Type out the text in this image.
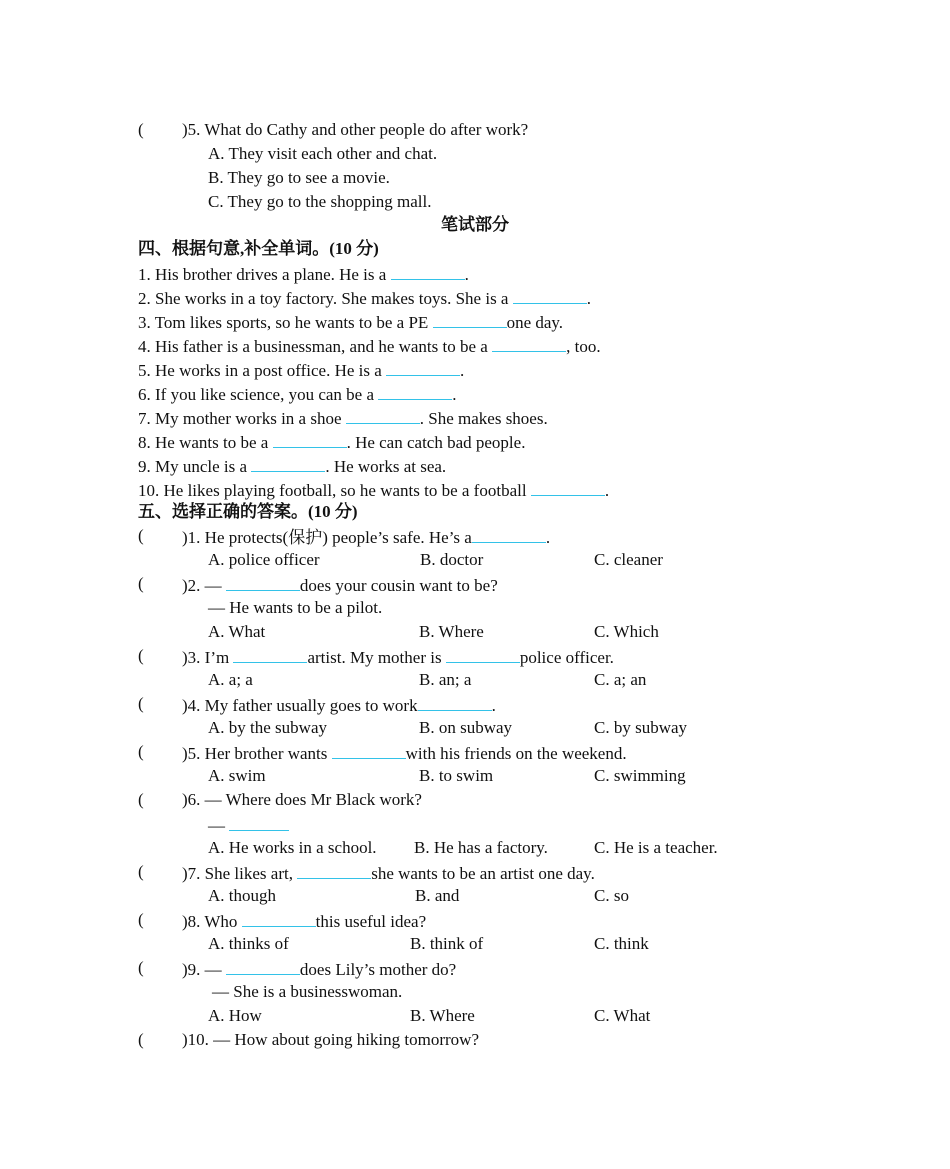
( )5. What do Cathy and other people do after work?
A. They visit each other and chat.
B. They go to see a movie.
C. They go to the shopping mall.
笔试部分
四、根据句意,补全单词。(10 分)
1. His brother drives a plane. He is a	.
2. She works in a toy factory. She makes toys. She is a	.
3. Tom likes sports, so he wants to be a PE	one day.
4. His father is a businessman, and he wants to be a	, too.
5. He works in a post office. He is a	.
6. If you like science, you can be a	.
7. My mother works in a shoe	. She makes shoes.
8. He wants to be a	. He can catch bad people.
9. My uncle is a	. He works at sea.
10. He likes playing football, so he wants to be a football	.
五、选择正确的答案。(10 分)
( )1. He protects(保护) people’s safe. He’s a	.
A. police officer	B. doctor	C. cleaner
( )2. —	does your cousin want to be?
— He wants to be a pilot.
A. What	B. Where	C. Which
( )3. I’m	artist. My mother is	police officer.
A. a; a	B. an; a	C. a; an
( )4. My father usually goes to work	.
A. by the subway	B. on subway	C. by subway
( )5. Her brother wants	with his friends on the weekend.
A. swim	B. to swim	C. swimming
( )6. — Where does Mr Black work?
—
A. He works in a school. B. He has a factory.	C. He is a teacher.
( )7. She likes art,	she wants to be an artist one day.
A. though	B. and	C. so
( )8. Who	this useful idea?
A. thinks of	B. think of	C. think
( )9. —	does Lily’s mother do?
— She is a businesswoman.
A. How	B. Where	C. What
( )10. — How about going hiking tomorrow?
